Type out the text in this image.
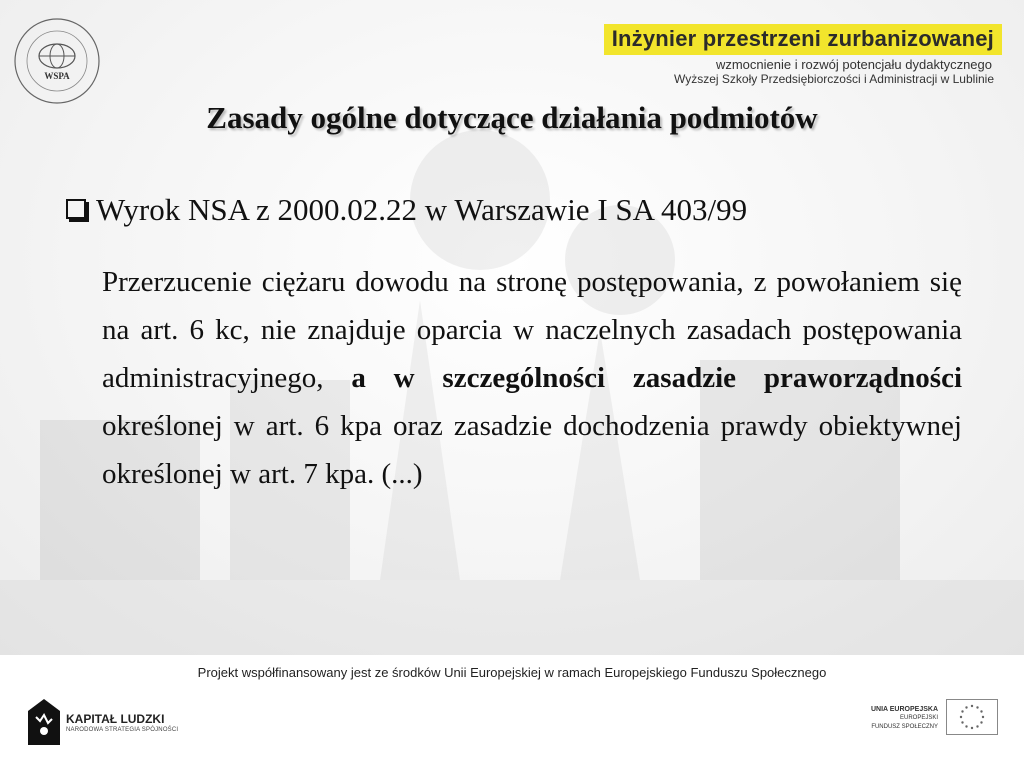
WSPA
Inżynier przestrzeni zurbanizowanej
wzmocnienie i rozwój potencjału dydaktycznego
Wyższej Szkoły Przedsiębiorczości i Administracji w Lublinie
Zasady ogólne dotyczące działania podmiotów
Wyrok NSA z 2000.02.22 w Warszawie I SA 403/99
Przerzucenie ciężaru dowodu na stronę postępowania, z powołaniem się na art. 6 kc, nie znajduje oparcia w naczelnych zasadach postępowania administracyjnego, a w szczególności zasadzie praworządności określonej w art. 6 kpa oraz zasadzie dochodzenia prawdy obiektywnej określonej w art. 7 kpa. (...)
Projekt współfinansowany jest ze środków Unii Europejskiej w ramach Europejskiego Funduszu Społecznego
KAPITAŁ LUDZKI
NARODOWA STRATEGIA SPÓJNOŚCI
UNIA EUROPEJSKA
EUROPEJSKI
FUNDUSZ SPOŁECZNY
